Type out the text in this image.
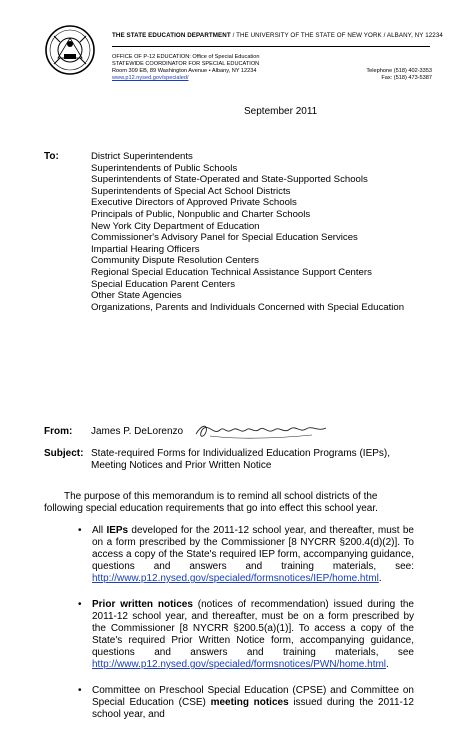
THE STATE EDUCATION DEPARTMENT / THE UNIVERSITY OF THE STATE OF NEW YORK / ALBANY, NY 12234
OFFICE OF P-12 EDUCATION: Office of Special Education
STATEWIDE COORDINATOR FOR SPECIAL EDUCATION
Room 309 EB, 89 Washington Avenue • Albany, NY 12234
www.p12.nysed.gov/specialed/
Telephone (518) 402-3353
Fax: (518) 473-5387
September 2011
To:	District Superintendents
Superintendents of Public Schools
Superintendents of State-Operated and State-Supported Schools
Superintendents of Special Act School Districts
Executive Directors of Approved Private Schools
Principals of Public, Nonpublic and Charter Schools
New York City Department of Education
Commissioner's Advisory Panel for Special Education Services
Impartial Hearing Officers
Community Dispute Resolution Centers
Regional Special Education Technical Assistance Support Centers
Special Education Parent Centers
Other State Agencies
Organizations, Parents and Individuals Concerned with Special Education
From: James P. DeLorenzo
Subject: State-required Forms for Individualized Education Programs (IEPs), Meeting Notices and Prior Written Notice
The purpose of this memorandum is to remind all school districts of the following special education requirements that go into effect this school year.
• All IEPs developed for the 2011-12 school year, and thereafter, must be on a form prescribed by the Commissioner [8 NYCRR §200.4(d)(2)]. To access a copy of the State's required IEP form, accompanying guidance, questions and answers and training materials, see: http://www.p12.nysed.gov/specialed/formsnotices/IEP/home.html.
• Prior written notices (notices of recommendation) issued during the 2011-12 school year, and thereafter, must be on a form prescribed by the Commissioner [8 NYCRR §200.5(a)(1)]. To access a copy of the State's required Prior Written Notice form, accompanying guidance, questions and answers and training materials, see http://www.p12.nysed.gov/specialed/formsnotices/PWN/home.html.
• Committee on Preschool Special Education (CPSE) and Committee on Special Education (CSE) meeting notices issued during the 2011-12 school year, and
